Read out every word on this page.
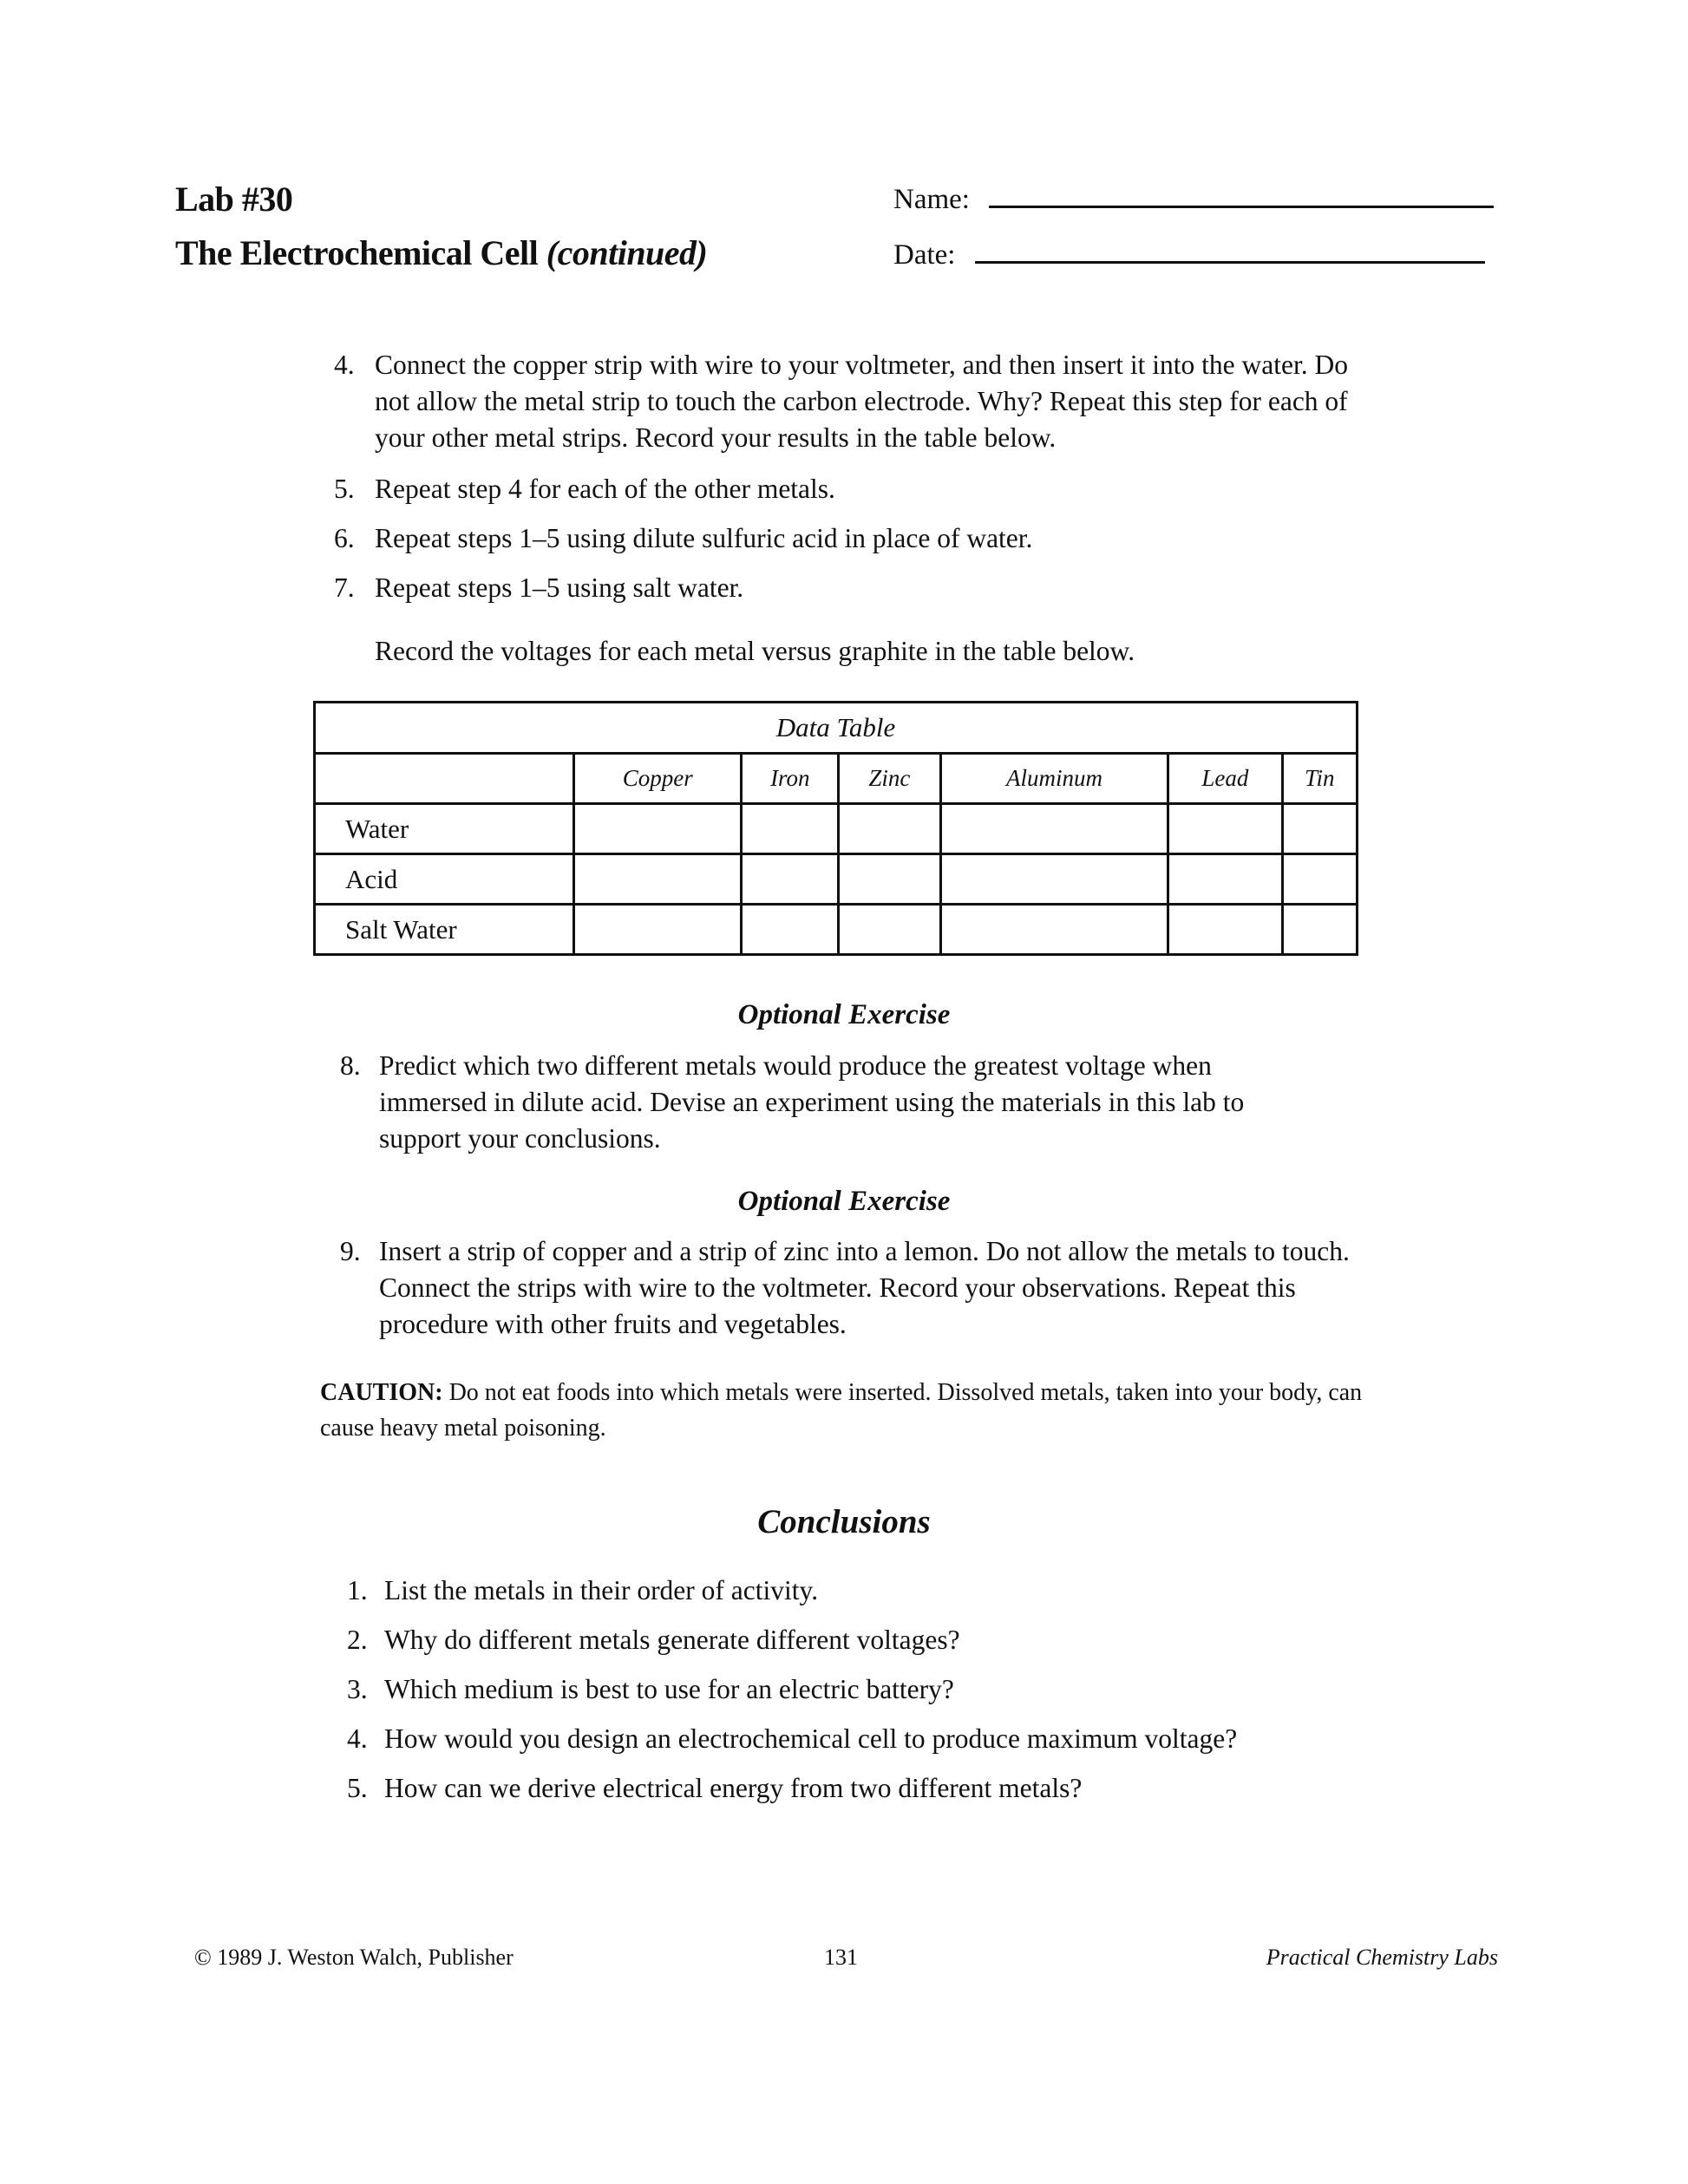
Lab #30
The Electrochemical Cell (continued)
Name:
Date:
4. Connect the copper strip with wire to your voltmeter, and then insert it into the water. Do not allow the metal strip to touch the carbon electrode. Why? Repeat this step for each of your other metal strips. Record your results in the table below.
5. Repeat step 4 for each of the other metals.
6. Repeat steps 1–5 using dilute sulfuric acid in place of water.
7. Repeat steps 1–5 using salt water.
Record the voltages for each metal versus graphite in the table below.
Data Table						
	Copper	Iron	Zinc	Aluminum	Lead	Tin
Water						
Acid						
Salt Water						
Optional Exercise
8. Predict which two different metals would produce the greatest voltage when immersed in dilute acid. Devise an experiment using the materials in this lab to support your conclusions.
Optional Exercise
9. Insert a strip of copper and a strip of zinc into a lemon. Do not allow the metals to touch. Connect the strips with wire to the voltmeter. Record your observations. Repeat this procedure with other fruits and vegetables.
CAUTION: Do not eat foods into which metals were inserted. Dissolved metals, taken into your body, can cause heavy metal poisoning.
Conclusions
1. List the metals in their order of activity.
2. Why do different metals generate different voltages?
3. Which medium is best to use for an electric battery?
4. How would you design an electrochemical cell to produce maximum voltage?
5. How can we derive electrical energy from two different metals?
© 1989 J. Weston Walch, Publisher	131	Practical Chemistry Labs
